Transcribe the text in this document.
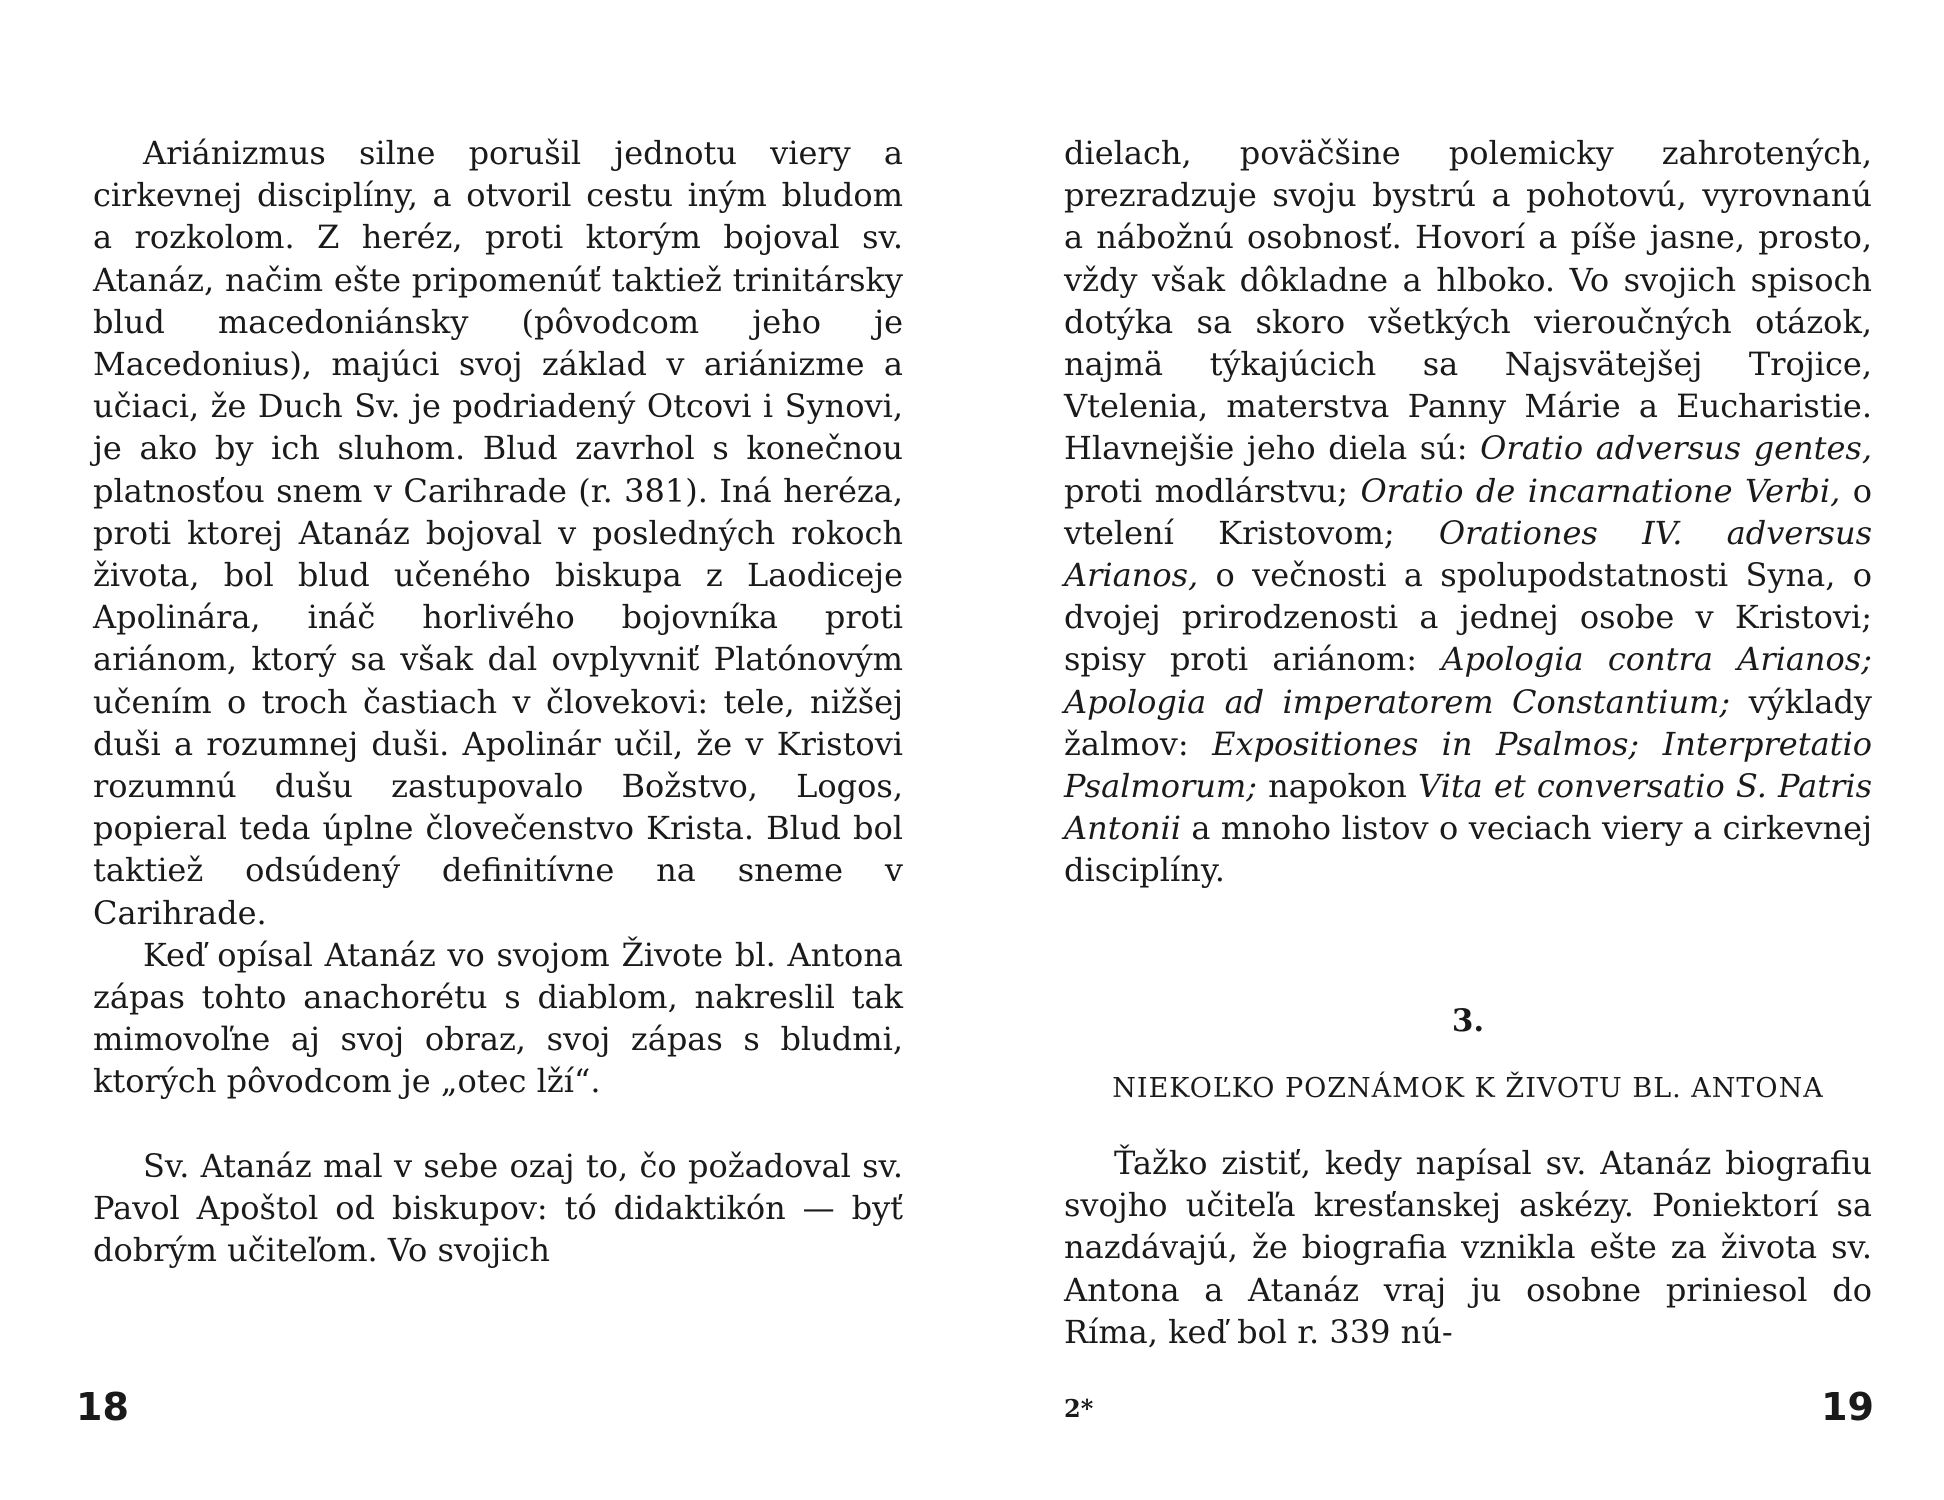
Ariánizmus silne porušil jednotu viery a cirkevnej disciplíny, a otvoril cestu iným bludom a rozkolom. Z heréz, proti ktorým bojoval sv. Atanáz, načim ešte pripomenúť taktiež trinitársky blud macedoniánsky (pôvodcom jeho je Macedonius), majúci svoj základ v ariánizme a učiaci, že Duch Sv. je podriadený Otcovi i Synovi, je ako by ich sluhom. Blud zavrhol s konečnou platnosťou snem v Carihrade (r. 381). Iná heréza, proti ktorej Atanáz bojoval v posledných rokoch života, bol blud učeného biskupa z Laodiceje Apolinára, ináč horlivého bojovníka proti ariánom, ktorý sa však dal ovplyvniť Platónovým učením o troch častiach v človekovi: tele, nižšej duši a rozumnej duši. Apolinár učil, že v Kristovi rozumnú dušu zastupovalo Božstvo, Logos, popieral teda úplne človečenstvo Krista. Blud bol taktiež odsúdený definitívne na sneme v Carihrade.

Keď opísal Atanáz vo svojom Živote bl. Antona zápas tohto anachorétu s diablom, nakreslil tak mimovoľne aj svoj obraz, svoj zápas s bludmi, ktorých pôvodcom je „otec lží“.

Sv. Atanáz mal v sebe ozaj to, čo požadoval sv. Pavol Apoštol od biskupov: tó didaktikón — byť dobrým učiteľom. Vo svojich

18

dielach, poväčšine polemicky zahrotených, prezradzuje svoju bystrú a pohotovú, vyrovnanú a nábožnú osobnosť. Hovorí a píše jasne, prosto, vždy však dôkladne a hlboko. Vo svojich spisoch dotýka sa skoro všetkých vieroučných otázok, najmä týkajúcich sa Najsvätejšej Trojice, Vtelenia, materstva Panny Márie a Eucharistie. Hlavnejšie jeho diela sú: Oratio adversus gentes, proti modlárstvu; Oratio de incarnatione Verbi, o vtelení Kristovom; Orationes IV. adversus Arianos, o večnosti a spolupodstatnosti Syna, o dvojej prirodzenosti a jednej osobe v Kristovi; spisy proti ariánom: Apologia contra Arianos; Apologia ad imperatorem Constantium; výklady žalmov: Expositiones in Psalmos; Interpretatio Psalmorum; napokon Vita et conversatio S. Patris Antonii a mnoho listov o veciach viery a cirkevnej disciplíny.

3.
NIEKOĽKO POZNÁMOK K ŽIVOTU BL. ANTONA

Ťažko zistiť, kedy napísal sv. Atanáz biografiu svojho učiteľa kresťanskej askézy. Poniektorí sa nazdávajú, že biografia vznikla ešte za života sv. Antona a Atanáz vraj ju osobne priniesol do Ríma, keď bol r. 339 nú-

2*	19
